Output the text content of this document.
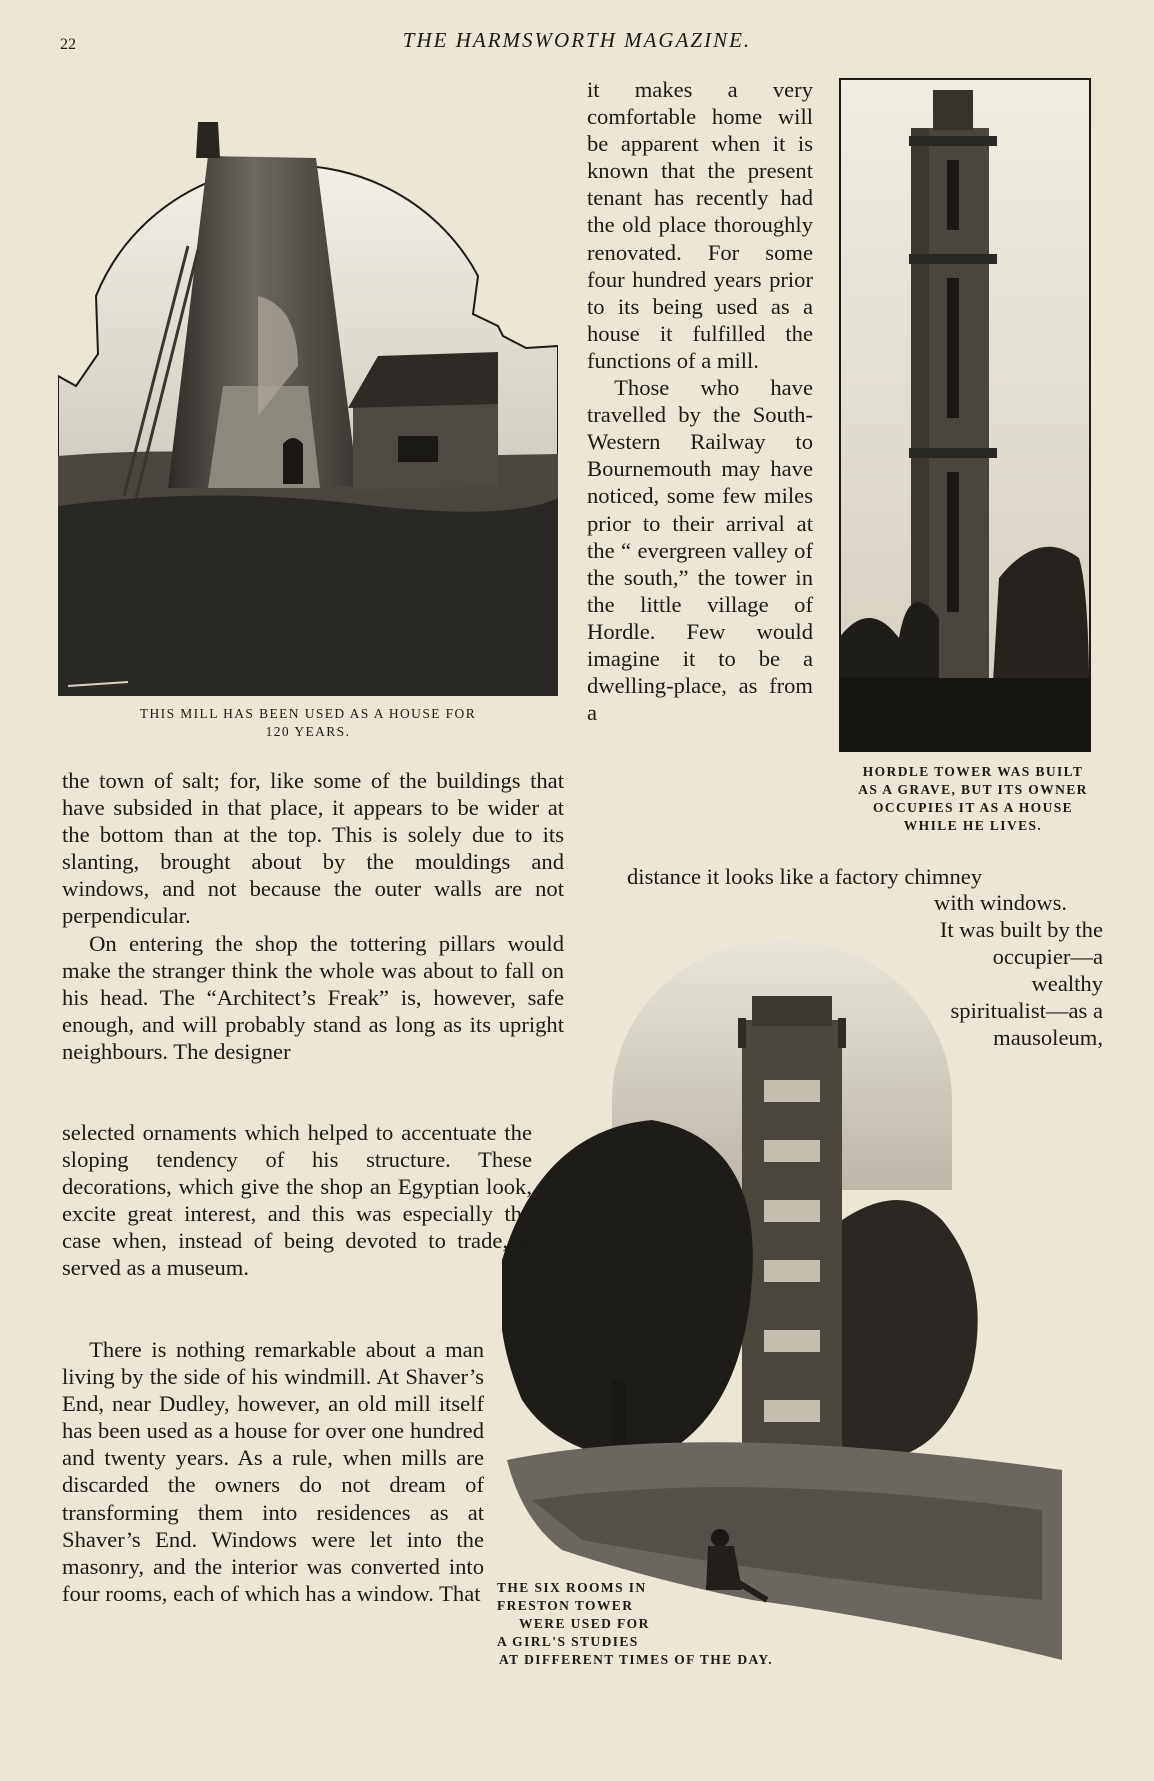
22	THE HARMSWORTH MAGAZINE.
THIS MILL HAS BEEN USED AS A HOUSE FOR
120 YEARS.
HORDLE TOWER WAS BUILT
AS A GRAVE, BUT ITS OWNER
OCCUPIES IT AS A HOUSE
WHILE HE LIVES.

it makes a very comfortable home will be apparent when it is known that the present tenant has recently had the old place thoroughly renovated. For some four hundred years prior to its being used as a house it fulfilled the functions of a mill.

Those who have travelled by the South-Western Railway to Bournemouth may have noticed, some few miles prior to their arrival at the “ evergreen valley of the south,” the tower in the little village of Hordle. Few would imagine it to be a dwelling-place, as from a

distance it looks like a factory chimney
with windows.

It was built by the occupier—a wealthy spiritualist—as a mausoleum,

THE SIX ROOMS IN
FRESTON TOWER
WERE USED FOR
A GIRL'S STUDIES
AT DIFFERENT TIMES OF THE DAY.

the town of salt; for, like some of the buildings that have subsided in that place, it appears to be wider at the bottom than at the top. This is solely due to its slanting, brought about by the mouldings and windows, and not because the outer walls are not perpendicular.

On entering the shop the tottering pillars would make the stranger think the whole was about to fall on his head. The “Architect’s Freak” is, however, safe enough, and will probably stand as long as its upright neighbours. The designer

selected ornaments which helped to accentuate the sloping tendency of his structure. These decorations, which give the shop an Egyptian look, excite great interest, and this was especially the case when, instead of being devoted to trade, it served as a museum.

There is nothing remarkable about a man living by the side of his windmill. At Shaver’s End, near Dudley, however, an old mill itself has been used as a house for over one hundred and twenty years. As a rule, when mills are discarded the owners do not dream of transforming them into residences as at Shaver’s End. Windows were let into the masonry, and the interior was converted into four rooms, each of which has a window. That
